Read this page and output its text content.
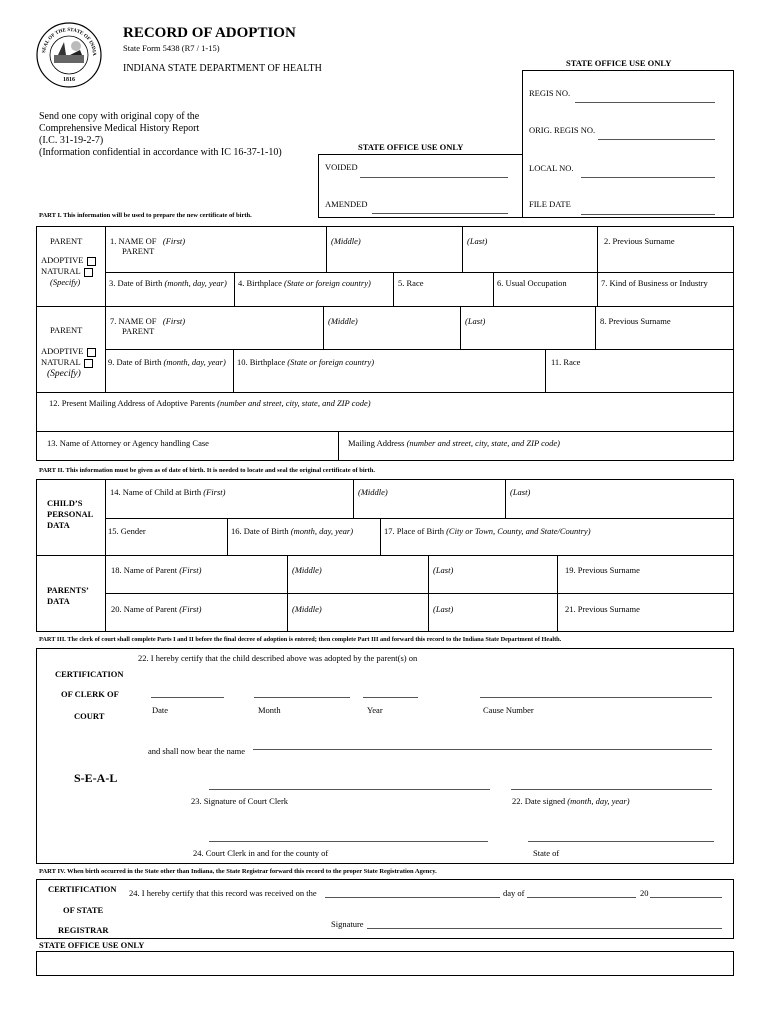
SEAL OF THE STATE OF INDIA
1816
RECORD OF ADOPTION
State Form 5438 (R7 / 1-15)
INDIANA STATE DEPARTMENT OF HEALTH
Send one copy with original copy of the
Comprehensive Medical History Report
(I.C. 31-19-2-7)
(Information confidential in accordance with IC 16-37-1-10)
STATE OFFICE USE ONLY
REGIS NO.
ORIG. REGIS NO.
LOCAL NO.
FILE DATE
STATE OFFICE USE ONLY
VOIDED
AMENDED
PART I. This information will be used to prepare the new certificate of birth.
PARENT
ADOPTIVE
NATURAL
(Specify)
1. NAME OF (First)
PARENT
(Middle)	(Last)	2. Previous Surname
3. Date of Birth (month, day, year) 4. Birthplace (State or foreign country)	5. Race	6. Usual Occupation	7. Kind of Business or Industry
PARENT
ADOPTIVE
NATURAL
(Specify)
7. NAME OF (First)
PARENT
(Middle)	(Last)	8. Previous Surname
9. Date of Birth (month, day, year) 10. Birthplace (State or foreign country)	11. Race
12. Present Mailing Address of Adoptive Parents (number and street, city, state, and ZIP code)
13. Name of Attorney or Agency handling Case	Mailing Address (number and street, city, state, and ZIP code)
PART II. This information must be given as of date of birth. It is needed to locate and seal the original certificate of birth.
CHILD’S
PERSONAL
DATA
14. Name of Child at Birth (First)	(Middle)	(Last)
15. Gender	16. Date of Birth (month, day, year)	17. Place of Birth (City or Town, County, and State/Country)
PARENTS’
DATA
18. Name of Parent (First)	(Middle)	(Last)	19. Previous Surname
20. Name of Parent (First)	(Middle)	(Last)	21. Previous Surname
PART III. The clerk of court shall complete Parts I and II before the final decree of adoption is entered; then complete Part III and forward this record to the Indiana State Department of Health.
CERTIFICATION
OF CLERK OF
COURT
22. I hereby certify that the child described above was adopted by the parent(s) on
Date	Month	Year	Cause Number
and shall now bear the name
S-E-A-L
23. Signature of Court Clerk	22. Date signed (month, day, year)
24. Court Clerk in and for the county of	State of
PART IV. When birth occurred in the State other than Indiana, the State Registrar forward this record to the proper State Registration Agency.
CERTIFICATION
OF STATE
REGISTRAR
24. I hereby certify that this record was received on the	day of	20
Signature
STATE OFFICE USE ONLY
